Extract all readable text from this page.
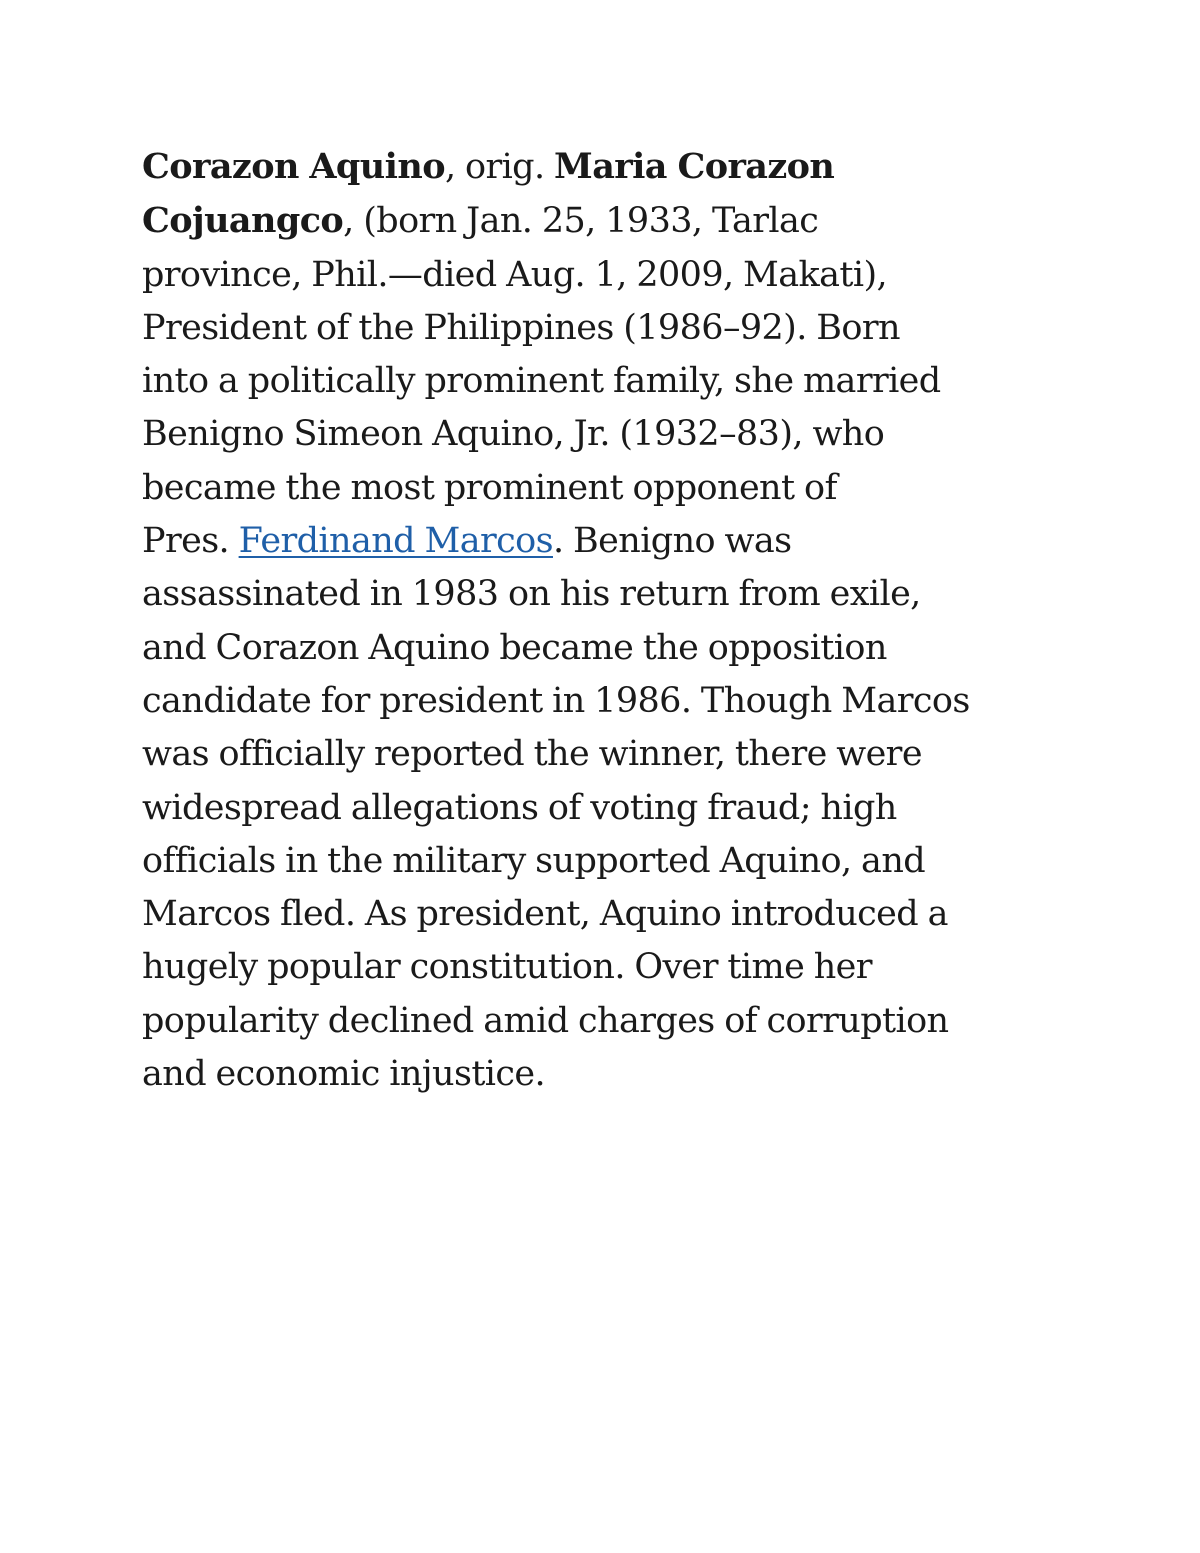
Corazon Aquino, orig. Maria Corazon
Cojuangco, (born Jan. 25, 1933, Tarlac
province, Phil.—died Aug. 1, 2009, Makati),
President of the Philippines (1986–92). Born
into a politically prominent family, she married
Benigno Simeon Aquino, Jr. (1932–83), who
became the most prominent opponent of
Pres. Ferdinand Marcos. Benigno was
assassinated in 1983 on his return from exile,
and Corazon Aquino became the opposition
candidate for president in 1986. Though Marcos
was officially reported the winner, there were
widespread allegations of voting fraud; high
officials in the military supported Aquino, and
Marcos fled. As president, Aquino introduced a
hugely popular constitution. Over time her
popularity declined amid charges of corruption
and economic injustice.
